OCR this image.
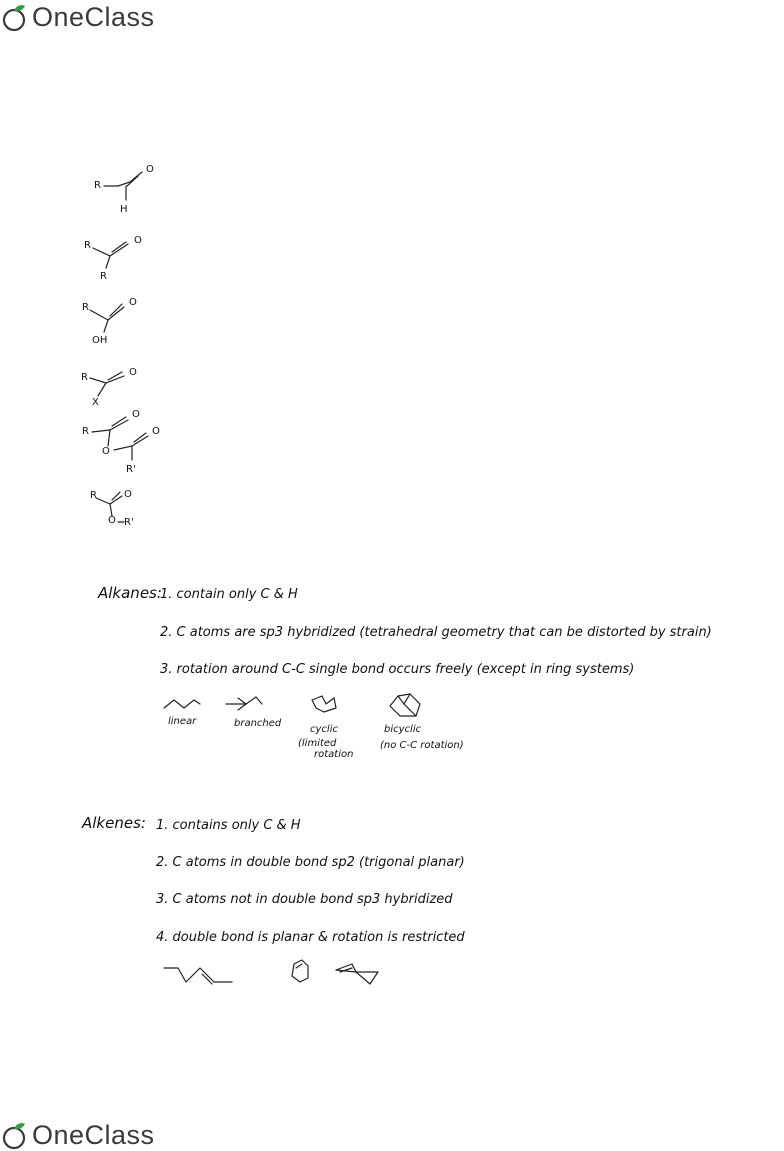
OneClass
R
O
H
R	O
R
R	O
OH
R	O
X
R
O
O
O
R'
R	O
O R'
Alkanes:
1. contain only C & H
2. C atoms are sp3 hybridized (tetrahedral geometry that can be distorted by strain)
3. rotation around C-C single bond occurs freely (except in ring systems)
linear	branched
cyclic
(limited
rotation
bicyclic
(no C-C rotation)
Alkenes: 1. contains only C & H
2. C atoms in double bond sp2 (trigonal planar)
3. C atoms not in double bond sp3 hybridized
4. double bond is planar & rotation is restricted
OneClass
